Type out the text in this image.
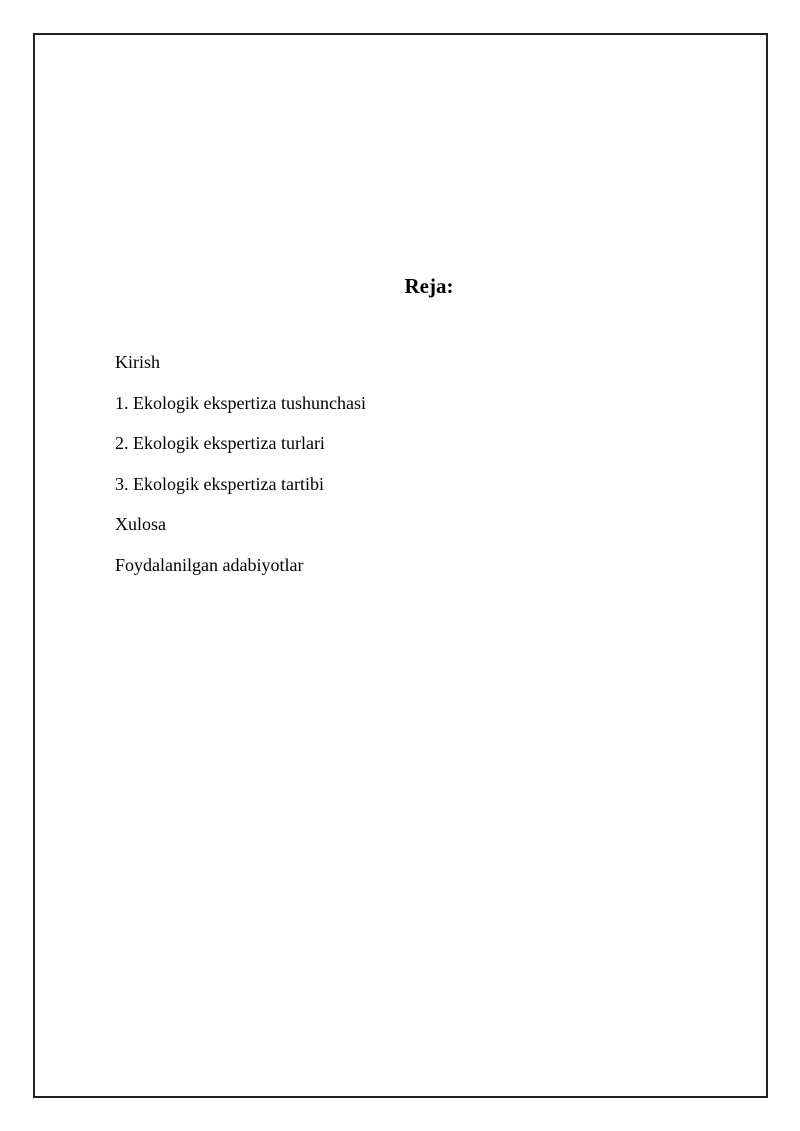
Reja:
Kirish
1. Ekologik ekspertiza tushunchasi
2. Ekologik ekspertiza turlari
3. Ekologik ekspertiza tartibi
Xulosa
Foydalanilgan adabiyotlar
